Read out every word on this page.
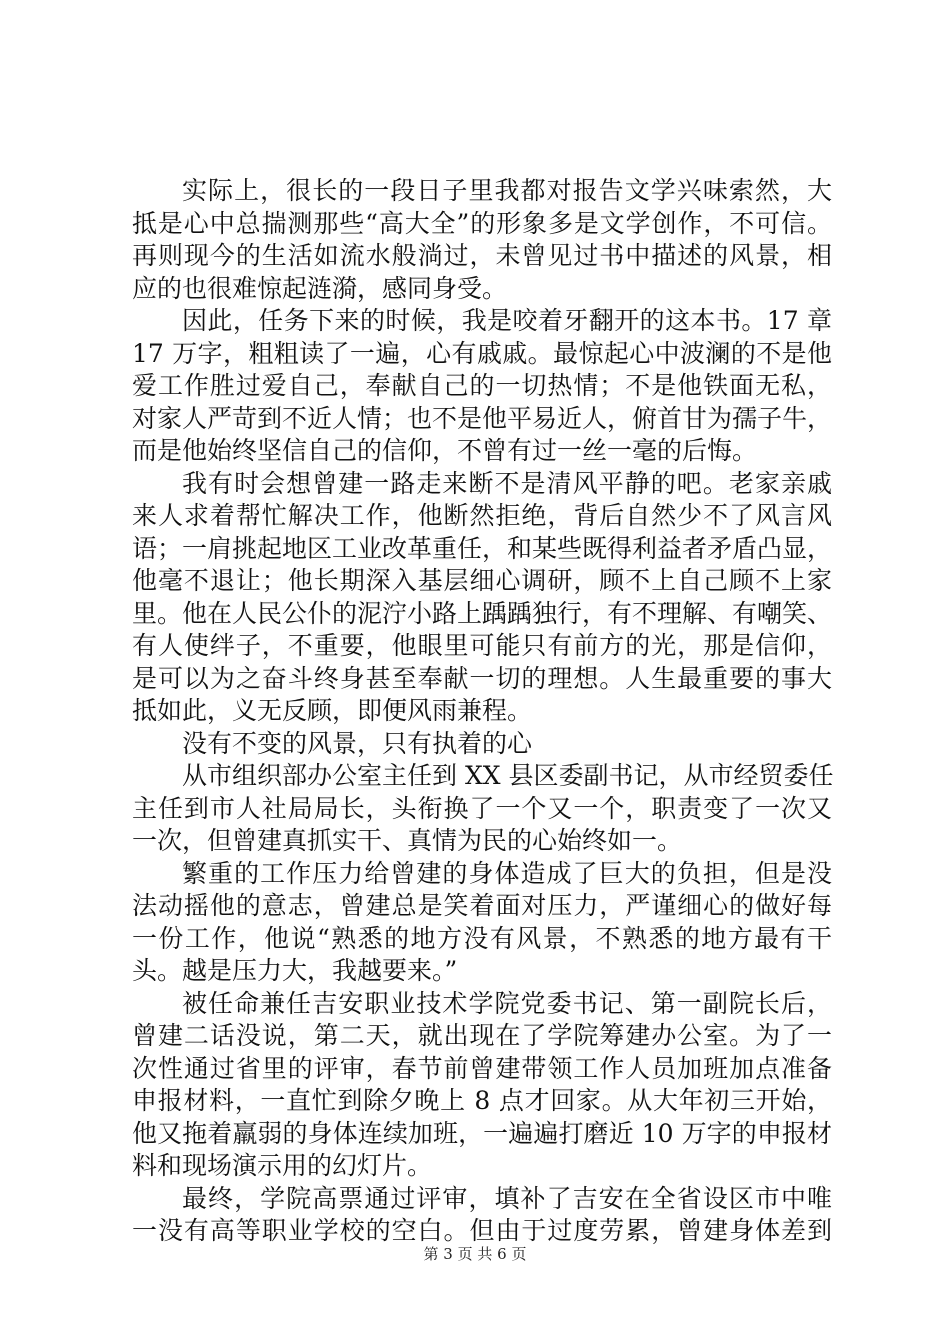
实际上，很长的一段日子里我都对报告文学兴味索然，大
抵是心中总揣测那些“高大全”的形象多是文学创作，不可信。
再则现今的生活如流水般淌过，未曾见过书中描述的风景，相
应的也很难惊起涟漪，感同身受。
因此，任务下来的时候，我是咬着牙翻开的这本书。17 章
17 万字，粗粗读了一遍，心有戚戚。最惊起心中波澜的不是他
爱工作胜过爱自己，奉献自己的一切热情；不是他铁面无私，
对家人严苛到不近人情；也不是他平易近人，俯首甘为孺子牛，
而是他始终坚信自己的信仰，不曾有过一丝一毫的后悔。
我有时会想曾建一路走来断不是清风平静的吧。老家亲戚
来人求着帮忙解决工作，他断然拒绝，背后自然少不了风言风
语；一肩挑起地区工业改革重任，和某些既得利益者矛盾凸显，
他毫不退让；他长期深入基层细心调研，顾不上自己顾不上家
里。他在人民公仆的泥泞小路上踽踽独行，有不理解、有嘲笑、
有人使绊子，不重要，他眼里可能只有前方的光，那是信仰，
是可以为之奋斗终身甚至奉献一切的理想。人生最重要的事大
抵如此，义无反顾，即便风雨兼程。
没有不变的风景，只有执着的心
从市组织部办公室主任到 XX 县区委副书记，从市经贸委任
主任到市人社局局长，头衔换了一个又一个，职责变了一次又
一次，但曾建真抓实干、真情为民的心始终如一。
繁重的工作压力给曾建的身体造成了巨大的负担，但是没
法动摇他的意志，曾建总是笑着面对压力，严谨细心的做好每
一份工作，他说“熟悉的地方没有风景，不熟悉的地方最有干
头。越是压力大，我越要来。”
被任命兼任吉安职业技术学院党委书记、第一副院长后，
曾建二话没说，第二天，就出现在了学院筹建办公室。为了一
次性通过省里的评审，春节前曾建带领工作人员加班加点准备
申报材料，一直忙到除夕晚上 8 点才回家。从大年初三开始，
他又拖着羸弱的身体连续加班，一遍遍打磨近 10 万字的申报材
料和现场演示用的幻灯片。
最终，学院高票通过评审，填补了吉安在全省设区市中唯
一没有高等职业学校的空白。但由于过度劳累，曾建身体差到
第 3 页 共 6 页
